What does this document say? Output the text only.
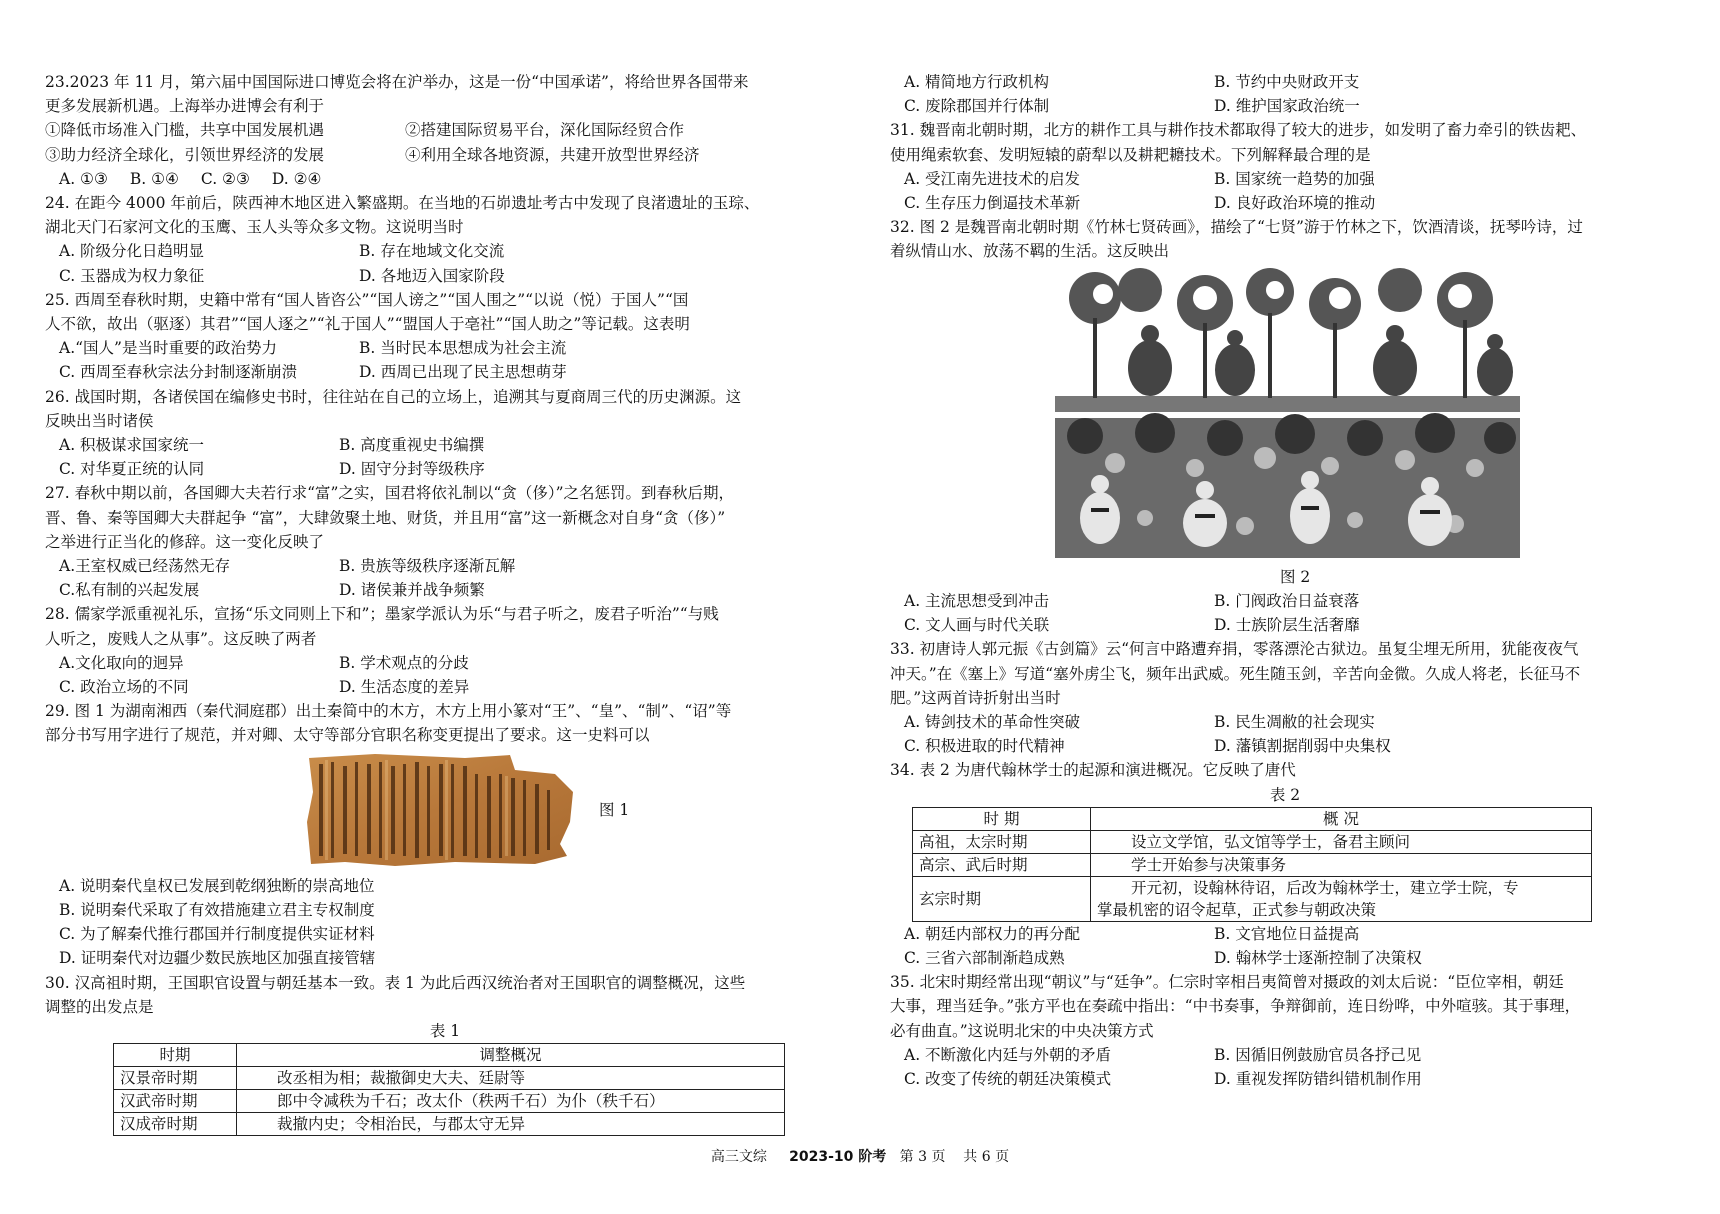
23.2023 年 11 月，第六届中国国际进口博览会将在沪举办，这是一份“中国承诺”，将给世界各国带来
更多发展新机遇。上海举办进博会有利于
①降低市场准入门槛，共享中国发展机遇	②搭建国际贸易平台，深化国际经贸合作
③助力经济全球化，引领世界经济的发展	④利用全球各地资源，共建开放型世界经济
A. ①③ B. ①④ C. ②③ D. ②④
24. 在距今 4000 年前后，陕西神木地区进入繁盛期。在当地的石峁遗址考古中发现了良渚遗址的玉琮、
湖北天门石家河文化的玉鹰、玉人头等众多文物。这说明当时
A. 阶级分化日趋明显	B. 存在地域文化交流
C. 玉器成为权力象征	D. 各地迈入国家阶段
25. 西周至春秋时期，史籍中常有“国人皆咨公”“国人谤之”“国人围之”“以说（悦）于国人”“国
人不欲，故出（驱逐）其君”“国人逐之”“礼于国人”“盟国人于亳社”“国人助之”等记载。这表明
A.“国人”是当时重要的政治势力	B. 当时民本思想成为社会主流
C. 西周至春秋宗法分封制逐渐崩溃	D. 西周已出现了民主思想萌芽
26. 战国时期，各诸侯国在编修史书时，往往站在自己的立场上，追溯其与夏商周三代的历史渊源。这
反映出当时诸侯
A. 积极谋求国家统一	B. 高度重视史书编撰
C. 对华夏正统的认同	D. 固守分封等级秩序
27. 春秋中期以前，各国卿大夫若行求“富”之实，国君将依礼制以“贪（侈）”之名惩罚。到春秋后期，
晋、鲁、秦等国卿大夫群起争 “富”，大肆敛聚土地、财货，并且用“富”这一新概念对自身“贪（侈）”
之举进行正当化的修辞。这一变化反映了
A.王室权威已经荡然无存	B. 贵族等级秩序逐渐瓦解
C.私有制的兴起发展	D. 诸侯兼并战争频繁
28. 儒家学派重视礼乐，宣扬“乐文同则上下和”；墨家学派认为乐“与君子听之，废君子听治”“与贱
人听之，废贱人之从事”。这反映了两者
A.文化取向的迥异	B. 学术观点的分歧
C. 政治立场的不同	D. 生活态度的差异
29. 图 1 为湖南湘西（秦代洞庭郡）出土秦简中的木方，木方上用小篆对“王”、“皇”、“制”、“诏”等
部分书写用字进行了规范，并对卿、太守等部分官职名称变更提出了要求。这一史料可以
图 1
A. 说明秦代皇权已发展到乾纲独断的崇高地位
B. 说明秦代采取了有效措施建立君主专权制度
C. 为了解秦代推行郡国并行制度提供实证材料
D. 证明秦代对边疆少数民族地区加强直接管辖
30. 汉高祖时期，王国职官设置与朝廷基本一致。表 1 为此后西汉统治者对王国职官的调整概况，这些
调整的出发点是
表 1
时期	调整概况
汉景帝时期	改丞相为相；裁撤御史大夫、廷尉等
汉武帝时期	郎中令减秩为千石；改太仆（秩两千石）为仆（秩千石）
汉成帝时期	裁撤内史；令相治民，与郡太守无异
A. 精简地方行政机构	B. 节约中央财政开支
C. 废除郡国并行体制	D. 维护国家政治统一
31. 魏晋南北朝时期，北方的耕作工具与耕作技术都取得了较大的进步，如发明了畜力牵引的铁齿耙、
使用绳索软套、发明短辕的蔚犁以及耕耙耱技术。下列解释最合理的是
A. 受江南先进技术的启发	B. 国家统一趋势的加强
C. 生存压力倒逼技术革新	D. 良好政治环境的推动
32. 图 2 是魏晋南北朝时期《竹林七贤砖画》，描绘了“七贤”游于竹林之下，饮酒清谈，抚琴吟诗，过
着纵情山水、放荡不羁的生活。这反映出
图 2
A. 主流思想受到冲击	B. 门阀政治日益衰落
C. 文人画与时代关联	D. 士族阶层生活奢靡
33. 初唐诗人郭元振《古剑篇》云“何言中路遭弃捐，零落漂沦古狱边。虽复尘埋无所用，犹能夜夜气
冲天。”在《塞上》写道“塞外虏尘飞，频年出武威。死生随玉剑，辛苦向金微。久成人将老，长征马不
肥。”这两首诗折射出当时
A. 铸剑技术的革命性突破	B. 民生凋敝的社会现实
C. 积极进取的时代精神	D. 藩镇割据削弱中央集权
34. 表 2 为唐代翰林学士的起源和演进概况。它反映了唐代
表 2
时 期	概 况
高祖，太宗时期	设立文学馆，弘文馆等学士，备君主顾问
高宗、武后时期	学士开始参与决策事务
玄宗时期	开元初，设翰林待诏，后改为翰林学士，建立学士院，专
掌最机密的诏令起草，正式参与朝政决策
A. 朝廷内部权力的再分配	B. 文官地位日益提高
C. 三省六部制渐趋成熟	D. 翰林学士逐渐控制了决策权
35. 北宋时期经常出现“朝议”与“廷争”。仁宗时宰相吕夷简曾对摄政的刘太后说：“臣位宰相，朝廷
大事，理当廷争。”张方平也在奏疏中指出：“中书奏事，争辩御前，连日纷哗，中外喧骇。其于事理，
必有曲直。”这说明北宋的中央决策方式
A. 不断激化内廷与外朝的矛盾	B. 因循旧例鼓励官员各抒己见
C. 改变了传统的朝廷决策模式	D. 重视发挥防错纠错机制作用
高三文综 2023-10 阶考 第 3 页 共 6 页
